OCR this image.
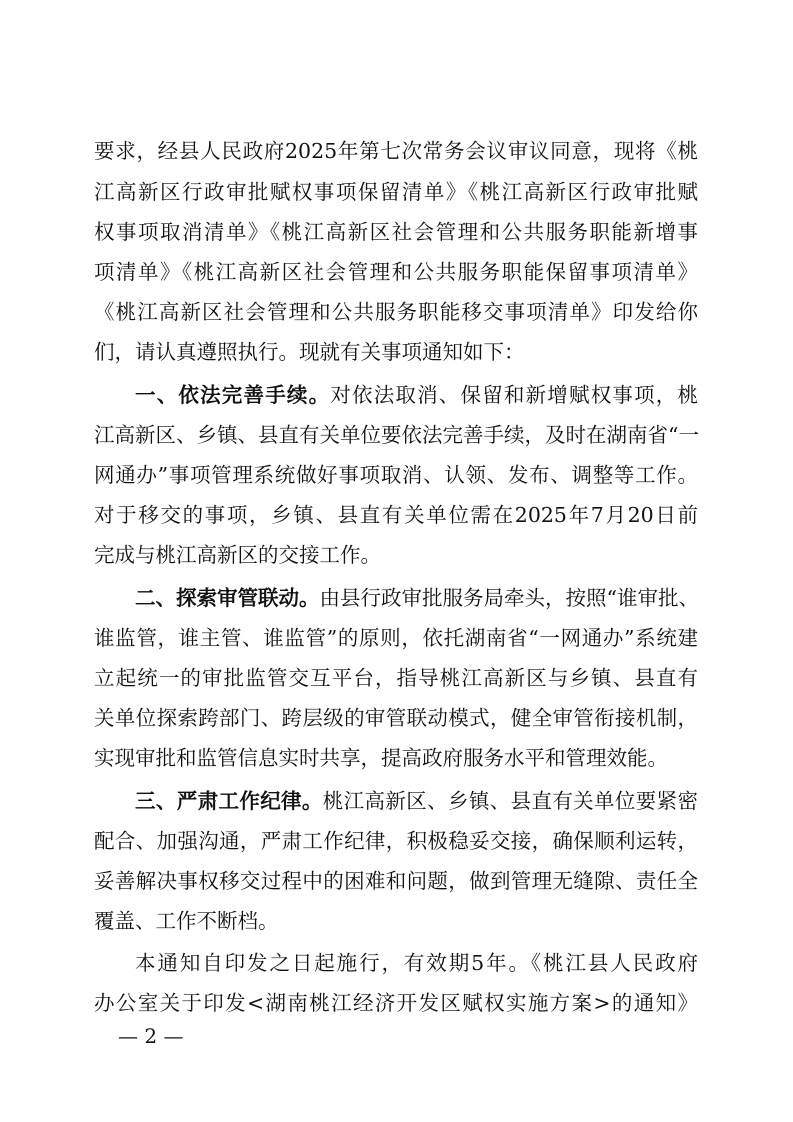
要求，经县人民政府2025年第七次常务会议审议同意，现将《桃
江高新区行政审批赋权事项保留清单》《桃江高新区行政审批赋
权事项取消清单》《桃江高新区社会管理和公共服务职能新增事
项清单》《桃江高新区社会管理和公共服务职能保留事项清单》
《桃江高新区社会管理和公共服务职能移交事项清单》印发给你
们，请认真遵照执行。现就有关事项通知如下：
一、依法完善手续。对依法取消、保留和新增赋权事项，桃
江高新区、乡镇、县直有关单位要依法完善手续，及时在湖南省“一
网通办”事项管理系统做好事项取消、认领、发布、调整等工作。
对于移交的事项，乡镇、县直有关单位需在2025年7月20日前
完成与桃江高新区的交接工作。
二、探索审管联动。由县行政审批服务局牵头，按照“谁审批、
谁监管，谁主管、谁监管”的原则，依托湖南省“一网通办”系统建
立起统一的审批监管交互平台，指导桃江高新区与乡镇、县直有
关单位探索跨部门、跨层级的审管联动模式，健全审管衔接机制，
实现审批和监管信息实时共享，提高政府服务水平和管理效能。
三、严肃工作纪律。桃江高新区、乡镇、县直有关单位要紧密
配合、加强沟通，严肃工作纪律，积极稳妥交接，确保顺利运转，
妥善解决事权移交过程中的困难和问题，做到管理无缝隙、责任全
覆盖、工作不断档。
本通知自印发之日起施行，有效期5年。《桃江县人民政府
办公室关于印发<湖南桃江经济开发区赋权实施方案>的通知》
— 2 —
